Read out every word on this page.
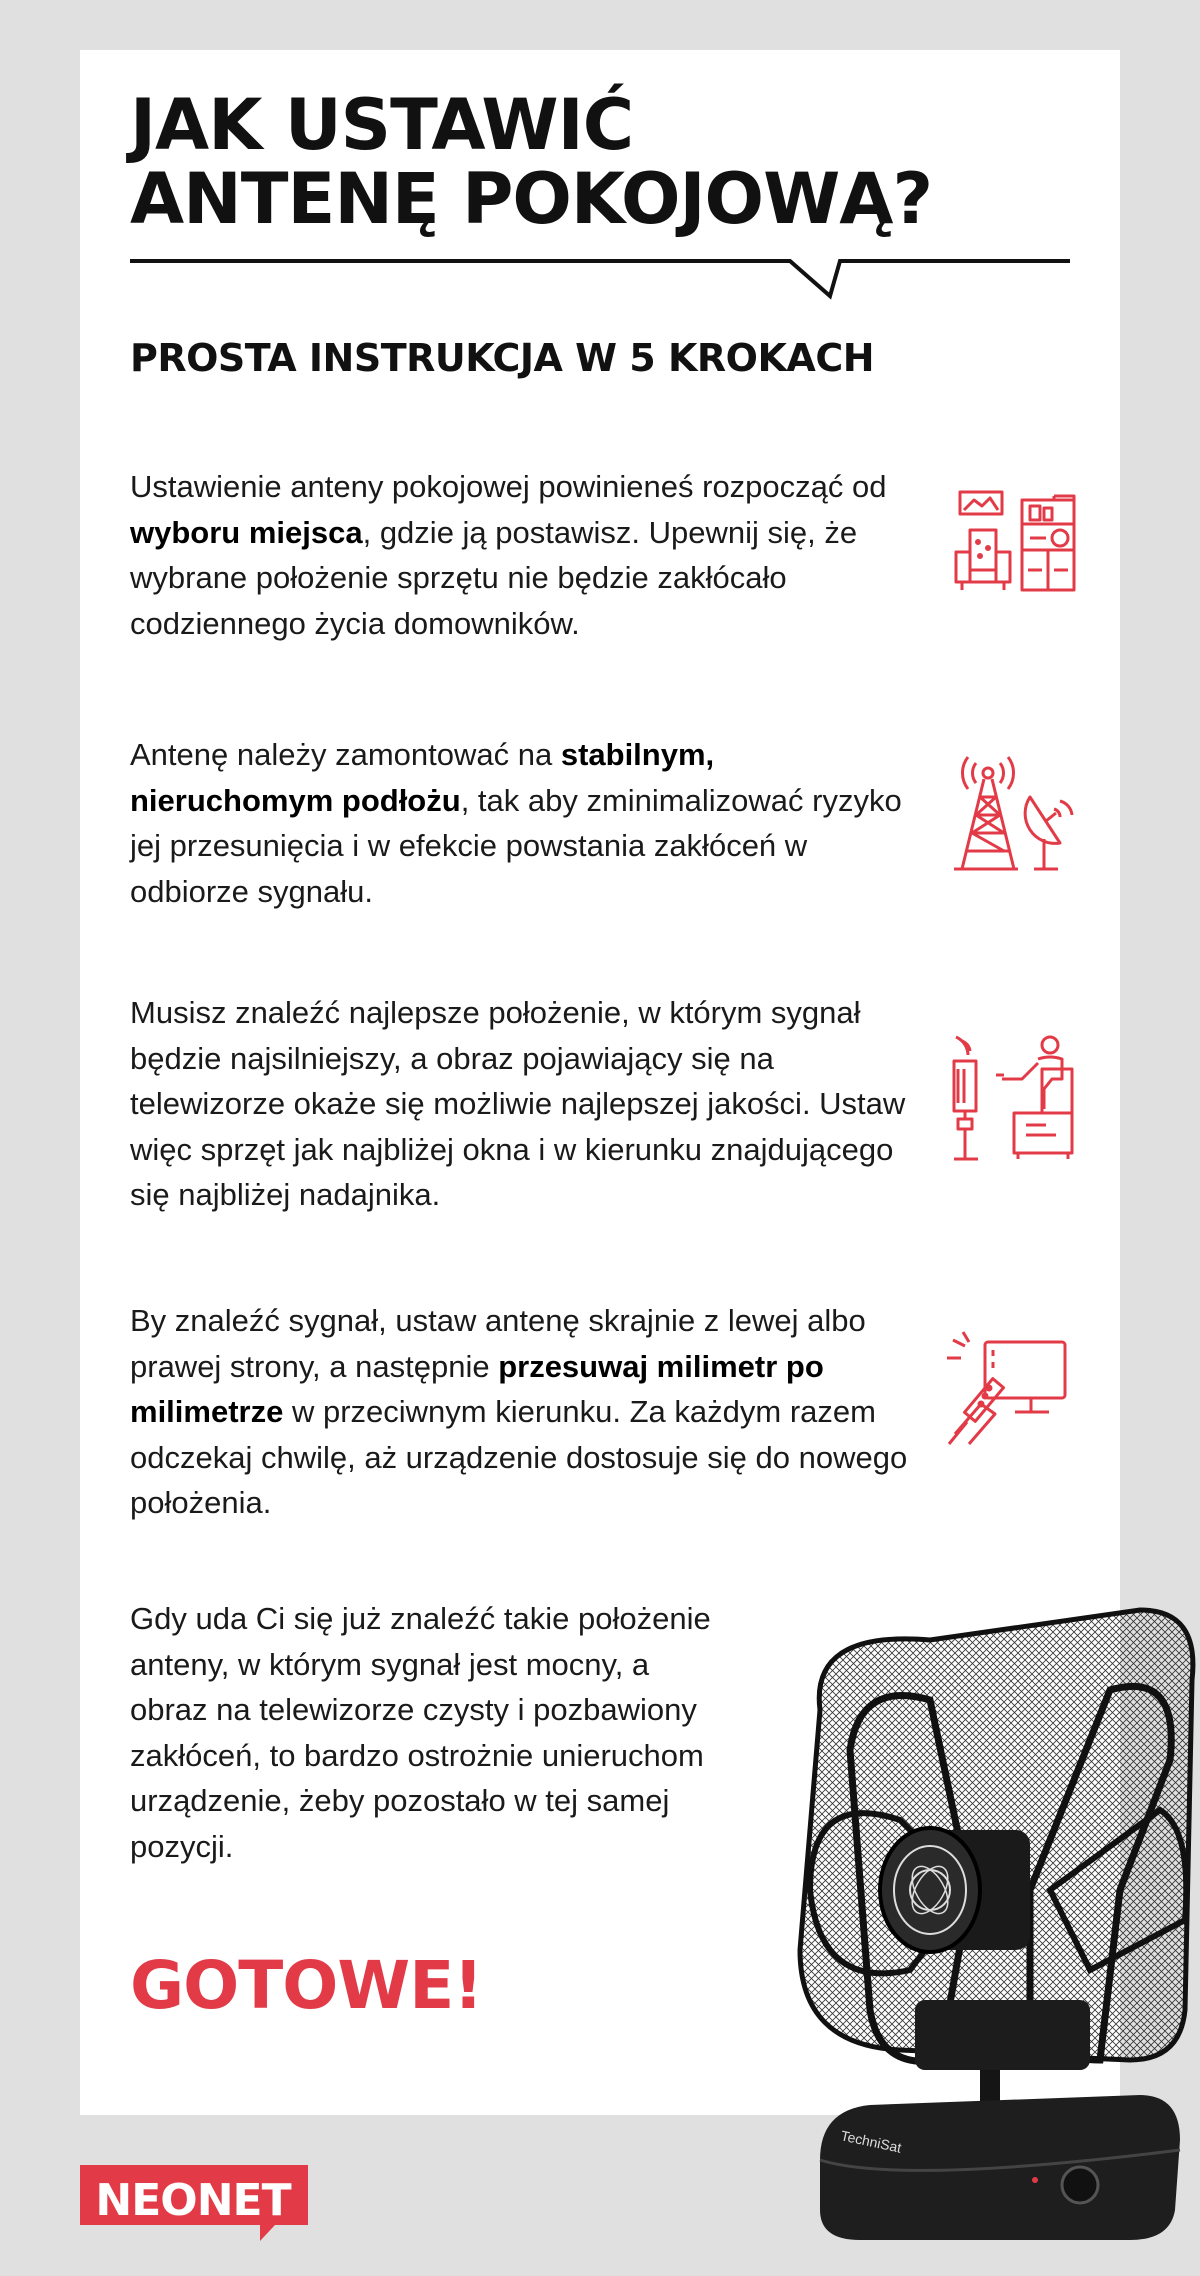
JAK USTAWIĆ
ANTENĘ POKOJOWĄ?
PROSTA INSTRUKCJA W 5 KROKACH

Ustawienie anteny pokojowej powinieneś rozpocząć od wyboru miejsca, gdzie ją postawisz. Upewnij się, że wybrane położenie sprzętu nie będzie zakłócało codziennego życia domowników.

Antenę należy zamontować na stabilnym, nieruchomym podłożu, tak aby zminimalizować ryzyko jej przesunięcia i w efekcie powstania zakłóceń w odbiorze sygnału.

Musisz znaleźć najlepsze położenie, w którym sygnał będzie najsilniejszy, a obraz pojawiający się na telewizorze okaże się możliwie najlepszej jakości. Ustaw więc sprzęt jak najbliżej okna i w kierunku znajdującego się najbliżej nadajnika.

By znaleźć sygnał, ustaw antenę skrajnie z lewej albo prawej strony, a następnie przesuwaj milimetr po milimetrze w przeciwnym kierunku. Za każdym razem odczekaj chwilę, aż urządzenie dostosuje się do nowego położenia.

Gdy uda Ci się już znaleźć takie położenie anteny, w którym sygnał jest mocny, a obraz na telewizorze czysty i pozbawiony zakłóceń, to bardzo ostrożnie unieruchom urządzenie, żeby pozostało w tej samej pozycji.

GOTOWE!

TechniSat
NEONET
